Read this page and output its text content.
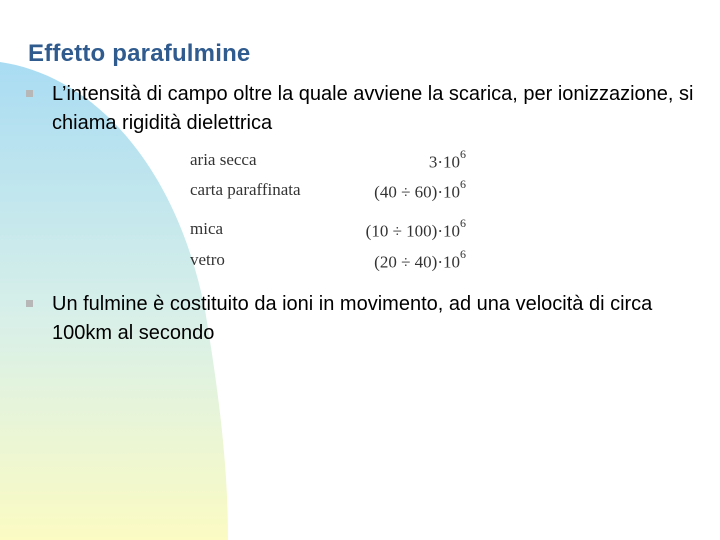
Effetto parafulmine
L’intensità di campo oltre la quale avviene la scarica, per ionizzazione, si chiama rigidità dielettrica
aria secca	$3\cdot 10^6$
carta paraffinata	$(40 \div 60)\cdot 10^6$
mica	$(10 \div 100)\cdot 10^6$
vetro	$(20 \div 40)\cdot 10^6$
Un fulmine è costituito da ioni in movimento, ad una velocità di circa 100km al secondo
